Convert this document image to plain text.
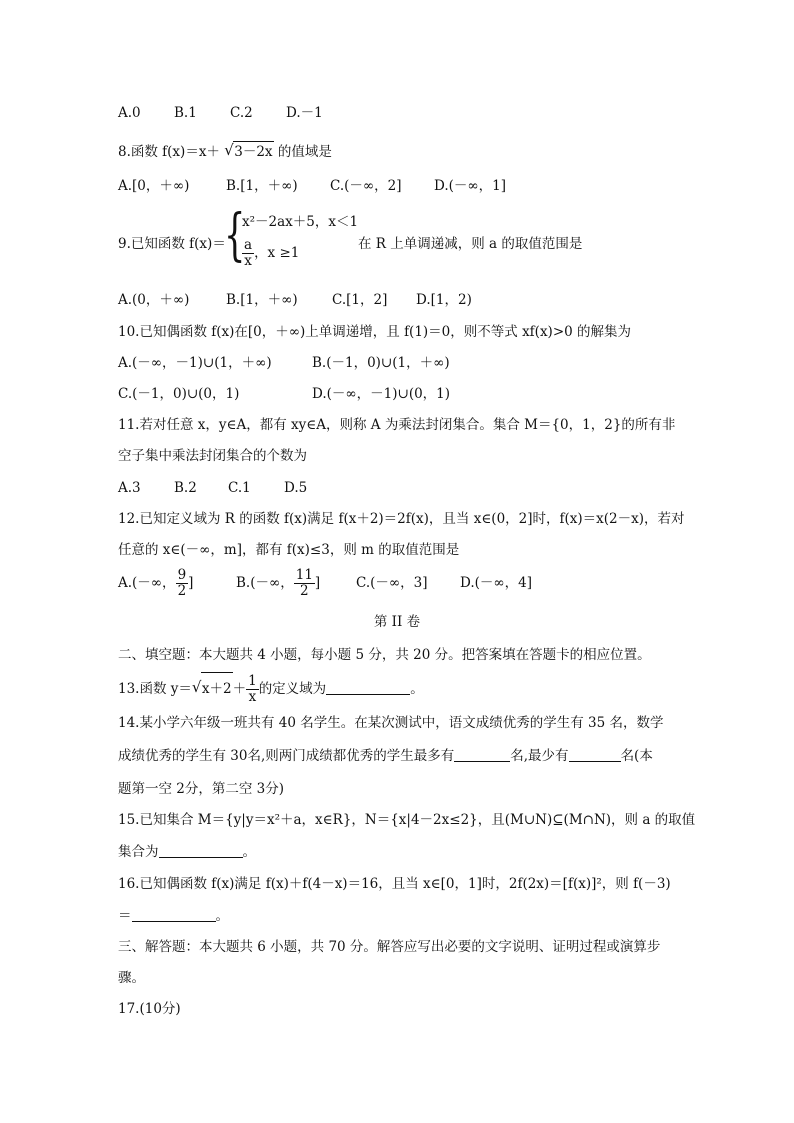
A.0 B.1 C.2 D.－1
8.函数 f(x)＝x＋ √ 3－2x 的值域是
A.[0，＋∞)	B.[1，＋∞) C.(－∞，2] D.(－∞，1]
9.已知函数 f(x)＝
{
x²－2ax＋5，x＜1
$\frac{a}{x}$ ，x ≥1
在 R 上单调递减，则 a 的取值范围是
A.(0，＋∞)	B.[1，＋∞)	C.[1，2] D.[1，2)
10.已知偶函数 f(x)在[0，＋∞)上单调递增，且 f(1)＝0，则不等式 xf(x)>0 的解集为
A.(－∞，－1)∪(1，＋∞)	B.(－1，0)∪(1，＋∞)
C.(－1，0)∪(0，1)	D.(－∞，－1)∪(0，1)
11.若对任意 x，y∈A，都有 xy∈A，则称 A 为乘法封闭集合。集合 M＝{0，1，2}的所有非
空子集中乘法封闭集合的个数为
A.3 B.2 C.1 D.5
12.已知定义域为 R 的函数 f(x)满足 f(x＋2)＝2f(x)，且当 x∈(0，2]时，f(x)＝x(2－x)，若对
任意的 x∈(－∞，m]，都有 f(x)≤3，则 m 的取值范围是
A.(－∞， $\frac{9}{2}$ ]	B.(－∞， $\frac{11}{2}$ ]	C.(－∞，3] D.(－∞，4]
第 II 卷
二、填空题：本大题共 4 小题，每小题 5 分，共 20 分。把答案填在答题卡的相应位置。
13.函数 y＝ √ $x+2+ \frac{1}{x}$ 的定义域为	。
14.某小学六年级一班共有 40 名学生。在某次测试中，语文成绩优秀的学生有 35 名，数学
成绩优秀的学生有 30名,则两门成绩都优秀的学生最多有	名,最少有	名(本
题第一空 2分，第二空 3分)
15.已知集合 M＝{y|y＝x²＋a，x∈R}，N＝{x|4－2x≤2}，且(M∪N)⊆(M∩N)，则 a 的取值
集合为	。
16.已知偶函数 f(x)满足 f(x)＋f(4－x)＝16，且当 x∈[0，1]时，2f(2x)＝[f(x)]²，则 f(－3)
＝	。
三、解答题：本大题共 6 小题，共 70 分。解答应写出必要的文字说明、证明过程或演算步
骤。
17.(10分)
